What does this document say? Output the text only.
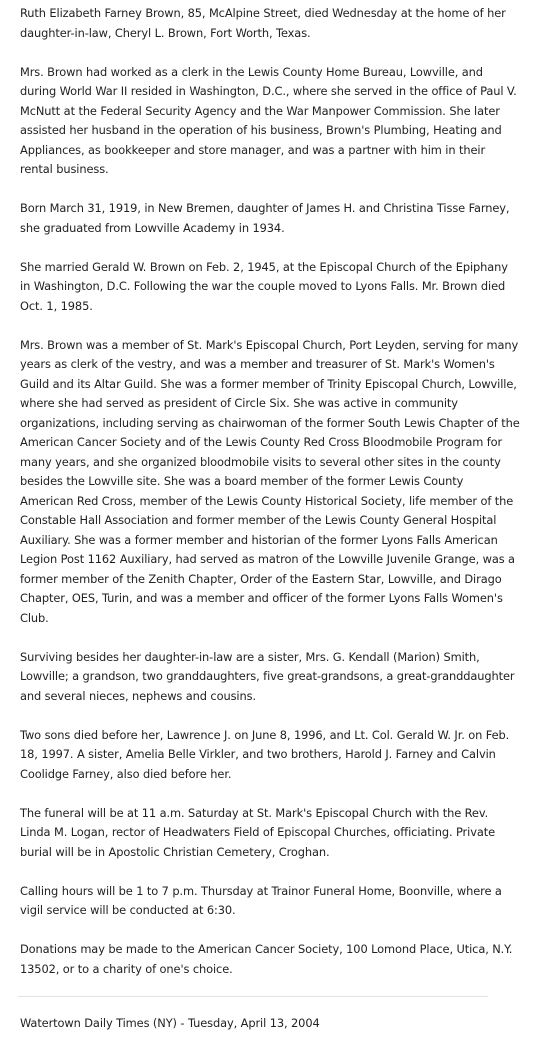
Ruth Elizabeth Farney Brown, 85, McAlpine Street, died Wednesday at the home of her daughter-in-law, Cheryl L. Brown, Fort Worth, Texas.

Mrs. Brown had worked as a clerk in the Lewis County Home Bureau, Lowville, and during World War II resided in Washington, D.C., where she served in the office of Paul V. McNutt at the Federal Security Agency and the War Manpower Commission. She later assisted her husband in the operation of his business, Brown's Plumbing, Heating and Appliances, as bookkeeper and store manager, and was a partner with him in their rental business.

Born March 31, 1919, in New Bremen, daughter of James H. and Christina Tisse Farney, she graduated from Lowville Academy in 1934.

She married Gerald W. Brown on Feb. 2, 1945, at the Episcopal Church of the Epiphany in Washington, D.C. Following the war the couple moved to Lyons Falls. Mr. Brown died Oct. 1, 1985.

Mrs. Brown was a member of St. Mark's Episcopal Church, Port Leyden, serving for many years as clerk of the vestry, and was a member and treasurer of St. Mark's Women's Guild and its Altar Guild. She was a former member of Trinity Episcopal Church, Lowville, where she had served as president of Circle Six. She was active in community organizations, including serving as chairwoman of the former South Lewis Chapter of the American Cancer Society and of the Lewis County Red Cross Bloodmobile Program for many years, and she organized bloodmobile visits to several other sites in the county besides the Lowville site. She was a board member of the former Lewis County American Red Cross, member of the Lewis County Historical Society, life member of the Constable Hall Association and former member of the Lewis County General Hospital Auxiliary. She was a former member and historian of the former Lyons Falls American Legion Post 1162 Auxiliary, had served as matron of the Lowville Juvenile Grange, was a former member of the Zenith Chapter, Order of the Eastern Star, Lowville, and Dirago Chapter, OES, Turin, and was a member and officer of the former Lyons Falls Women's Club.

Surviving besides her daughter-in-law are a sister, Mrs. G. Kendall (Marion) Smith, Lowville; a grandson, two granddaughters, five great-grandsons, a great-granddaughter and several nieces, nephews and cousins.

Two sons died before her, Lawrence J. on June 8, 1996, and Lt. Col. Gerald W. Jr. on Feb. 18, 1997. A sister, Amelia Belle Virkler, and two brothers, Harold J. Farney and Calvin Coolidge Farney, also died before her.

The funeral will be at 11 a.m. Saturday at St. Mark's Episcopal Church with the Rev. Linda M. Logan, rector of Headwaters Field of Episcopal Churches, officiating. Private burial will be in Apostolic Christian Cemetery, Croghan.

Calling hours will be 1 to 7 p.m. Thursday at Trainor Funeral Home, Boonville, where a vigil service will be conducted at 6:30.

Donations may be made to the American Cancer Society, 100 Lomond Place, Utica, N.Y. 13502, or to a charity of one's choice.

Watertown Daily Times (NY) - Tuesday, April 13, 2004
